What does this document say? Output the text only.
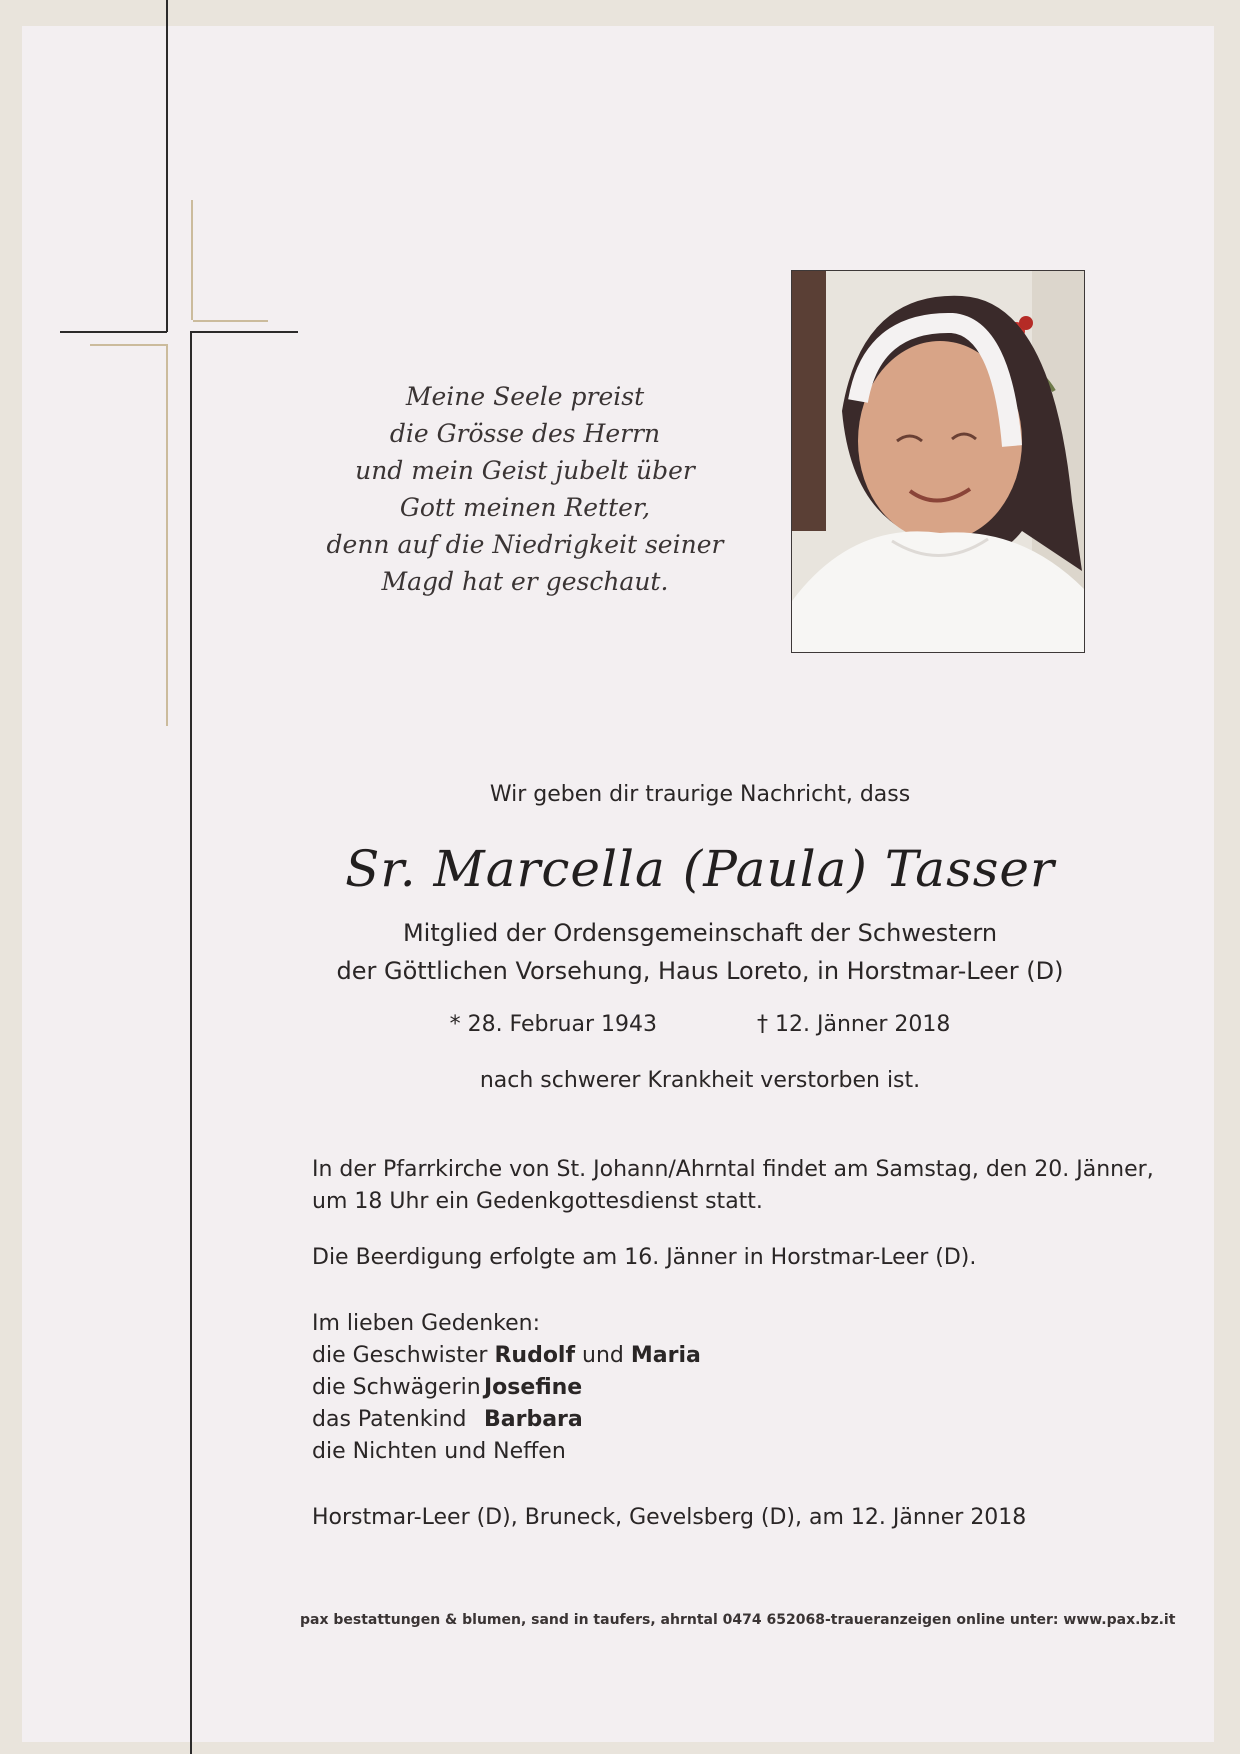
Meine Seele preist
die Grösse des Herrn
und mein Geist jubelt über
Gott meinen Retter,
denn auf die Niedrigkeit seiner
Magd hat er geschaut.
Wir geben dir traurige Nachricht, dass
Sr. Marcella (Paula) Tasser
Mitglied der Ordensgemeinschaft der Schwestern
der Göttlichen Vorsehung, Haus Loreto, in Horstmar-Leer (D)
* 28. Februar 1943	† 12. Jänner 2018
nach schwerer Krankheit verstorben ist.
In der Pfarrkirche von St. Johann/Ahrntal findet am Samstag, den 20. Jänner,
um 18 Uhr ein Gedenkgottesdienst statt.
Die Beerdigung erfolgte am 16. Jänner in Horstmar-Leer (D).
Im lieben Gedenken:
die Geschwister Rudolf und Maria
die Schwägerin Josefine
das Patenkind Barbara
die Nichten und Neffen
Horstmar-Leer (D), Bruneck, Gevelsberg (D), am 12. Jänner 2018
pax bestattungen & blumen, sand in taufers, ahrntal 0474 652068-traueranzeigen online unter: www.pax.bz.it
